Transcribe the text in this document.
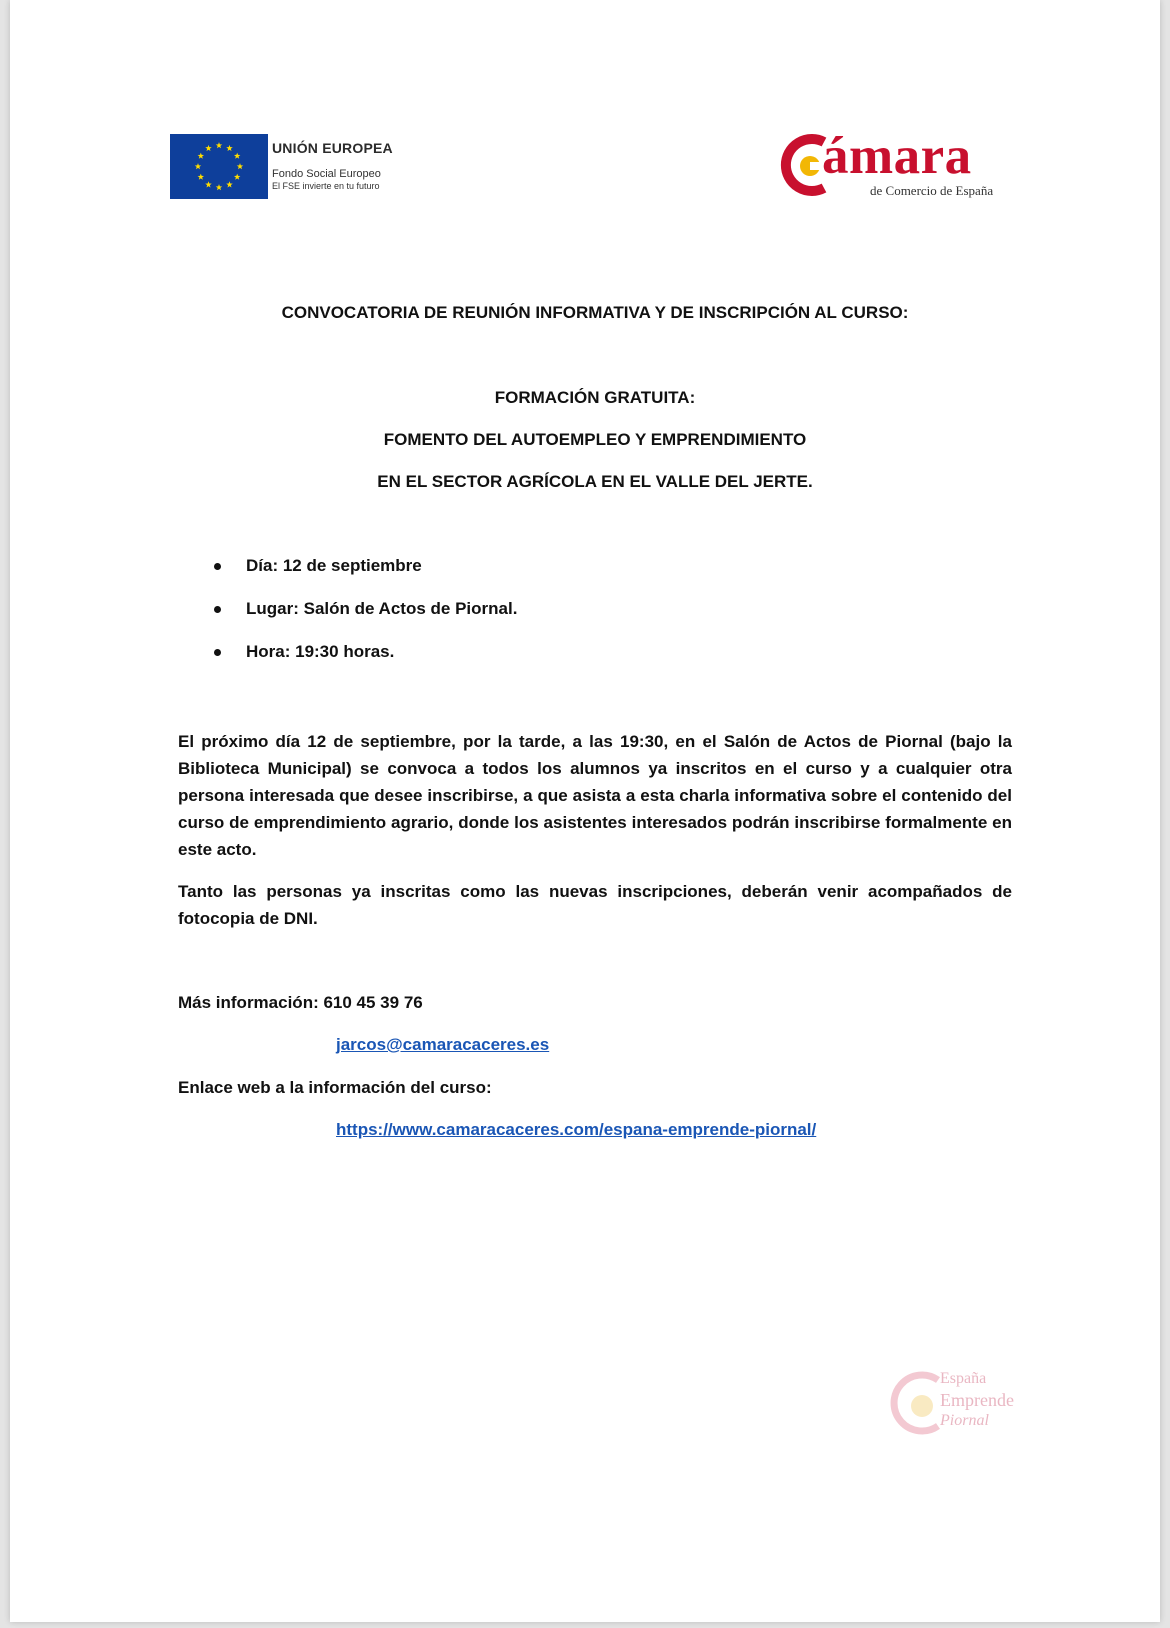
UNIÓN EUROPEA
Fondo Social Europeo
El FSE invierte en tu futuro
ámara
de Comercio de España
CONVOCATORIA DE REUNIÓN INFORMATIVA Y DE INSCRIPCIÓN AL CURSO:
FORMACIÓN GRATUITA:
FOMENTO DEL AUTOEMPLEO Y EMPRENDIMIENTO
EN EL SECTOR AGRÍCOLA EN EL VALLE DEL JERTE.
Día: 12 de septiembre
Lugar: Salón de Actos de Piornal.
Hora: 19:30 horas.
El próximo día 12 de septiembre, por la tarde, a las 19:30, en el Salón de Actos de Piornal (bajo la Biblioteca Municipal) se convoca a todos los alumnos ya inscritos en el curso y a cualquier otra persona interesada que desee inscribirse, a que asista a esta charla informativa sobre el contenido del curso de emprendimiento agrario, donde los asistentes interesados podrán inscribirse formalmente en este acto.
Tanto las personas ya inscritas como las nuevas inscripciones, deberán venir acompañados de fotocopia de DNI.
Más información: 610 45 39 76
jarcos@camaracaceres.es
Enlace web a la información del curso:
https://www.camaracaceres.com/espana-emprende-piornal/
España
Emprende
Piornal
